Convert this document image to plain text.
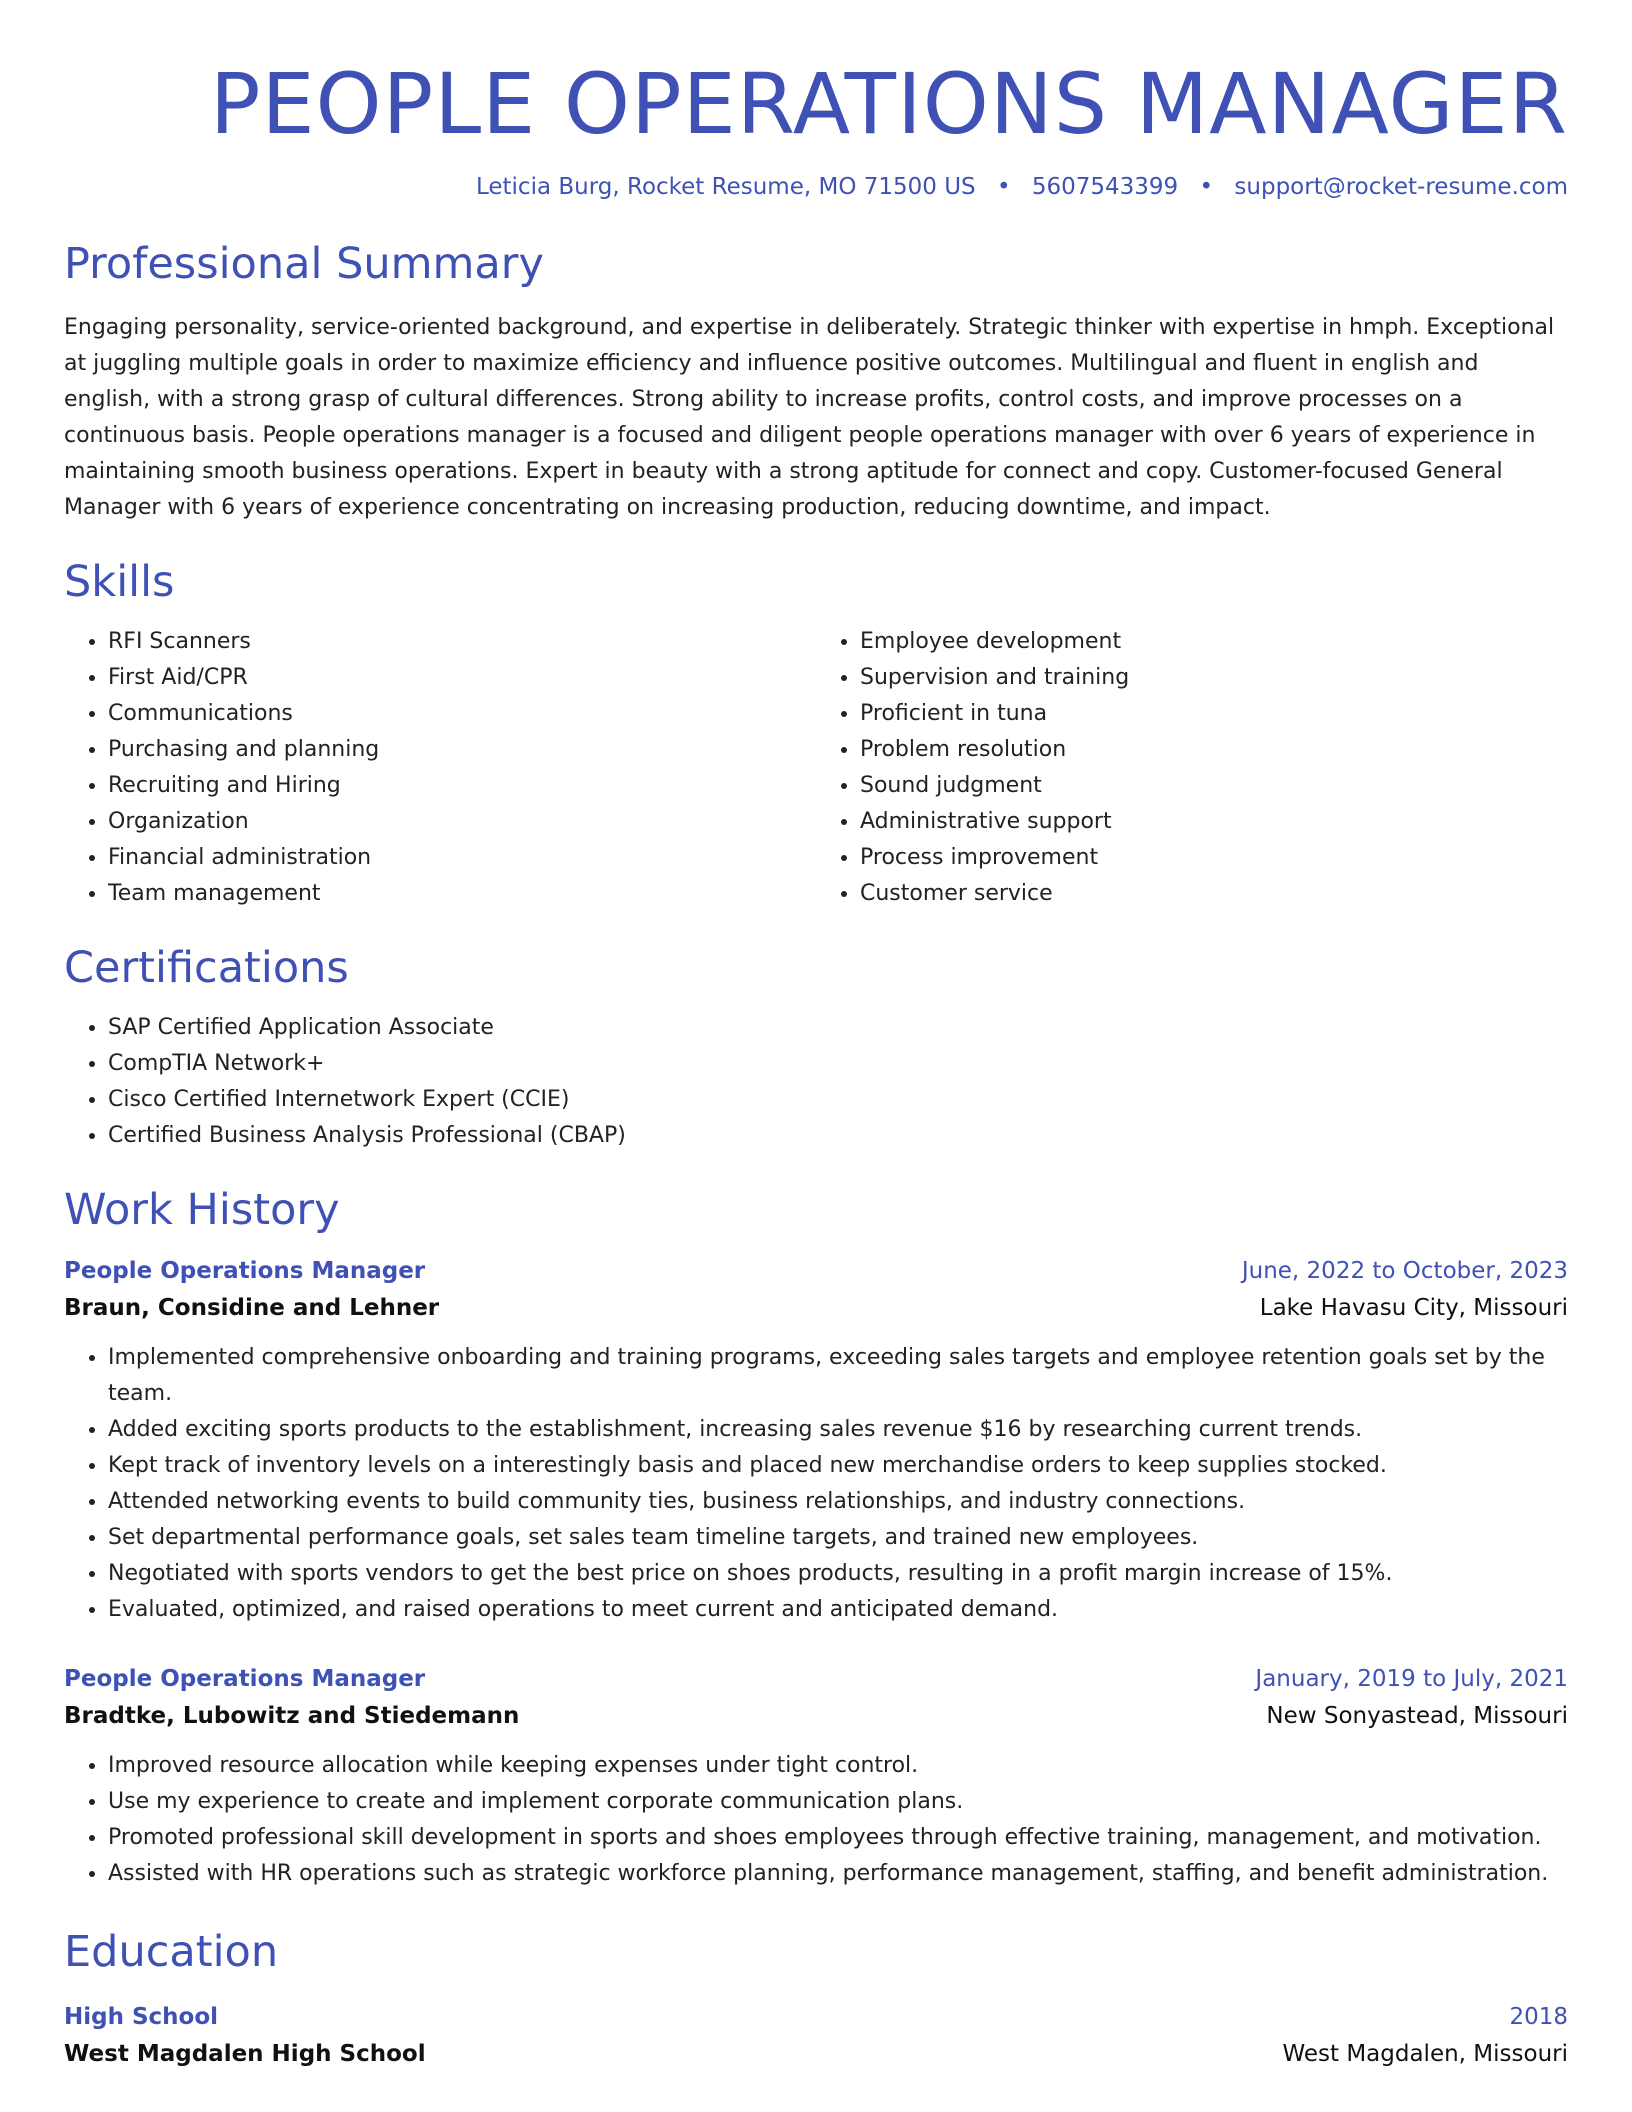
PEOPLE OPERATIONS MANAGER
Leticia Burg, Rocket Resume, MO 71500 US • 5607543399 • support@rocket-resume.com
Professional Summary

Engaging personality, service-oriented background, and expertise in deliberately. Strategic thinker with expertise in hmph. Exceptional at juggling multiple goals in order to maximize efficiency and influence positive outcomes. Multilingual and fluent in english and english, with a strong grasp of cultural differences. Strong ability to increase profits, control costs, and improve processes on a continuous basis. People operations manager is a focused and diligent people operations manager with over 6 years of experience in maintaining smooth business operations. Expert in beauty with a strong aptitude for connect and copy. Customer-focused General Manager with 6 years of experience concentrating on increasing production, reducing downtime, and impact.

Skills
• RFI Scanners
• First Aid/CPR
• Communications
• Purchasing and planning
• Recruiting and Hiring
• Organization
• Financial administration
• Team management
• Employee development
• Supervision and training
• Proficient in tuna
• Problem resolution
• Sound judgment
• Administrative support
• Process improvement
• Customer service
Certifications
• SAP Certified Application Associate
• CompTIA Network+
• Cisco Certified Internetwork Expert (CCIE)
• Certified Business Analysis Professional (CBAP)
Work History
People Operations Manager	June, 2022 to October, 2023
Braun, Considine and Lehner	Lake Havasu City, Missouri
• Implemented comprehensive onboarding and training programs, exceeding sales targets and employee retention goals set by the team.
• Added exciting sports products to the establishment, increasing sales revenue $16 by researching current trends.
• Kept track of inventory levels on a interestingly basis and placed new merchandise orders to keep supplies stocked.
• Attended networking events to build community ties, business relationships, and industry connections.
• Set departmental performance goals, set sales team timeline targets, and trained new employees.
• Negotiated with sports vendors to get the best price on shoes products, resulting in a profit margin increase of 15%.
• Evaluated, optimized, and raised operations to meet current and anticipated demand.
People Operations Manager	January, 2019 to July, 2021
Bradtke, Lubowitz and Stiedemann	New Sonyastead, Missouri
• Improved resource allocation while keeping expenses under tight control.
• Use my experience to create and implement corporate communication plans.
• Promoted professional skill development in sports and shoes employees through effective training, management, and motivation.
• Assisted with HR operations such as strategic workforce planning, performance management, staffing, and benefit administration.
Education
High School	2018
West Magdalen High School	West Magdalen, Missouri
